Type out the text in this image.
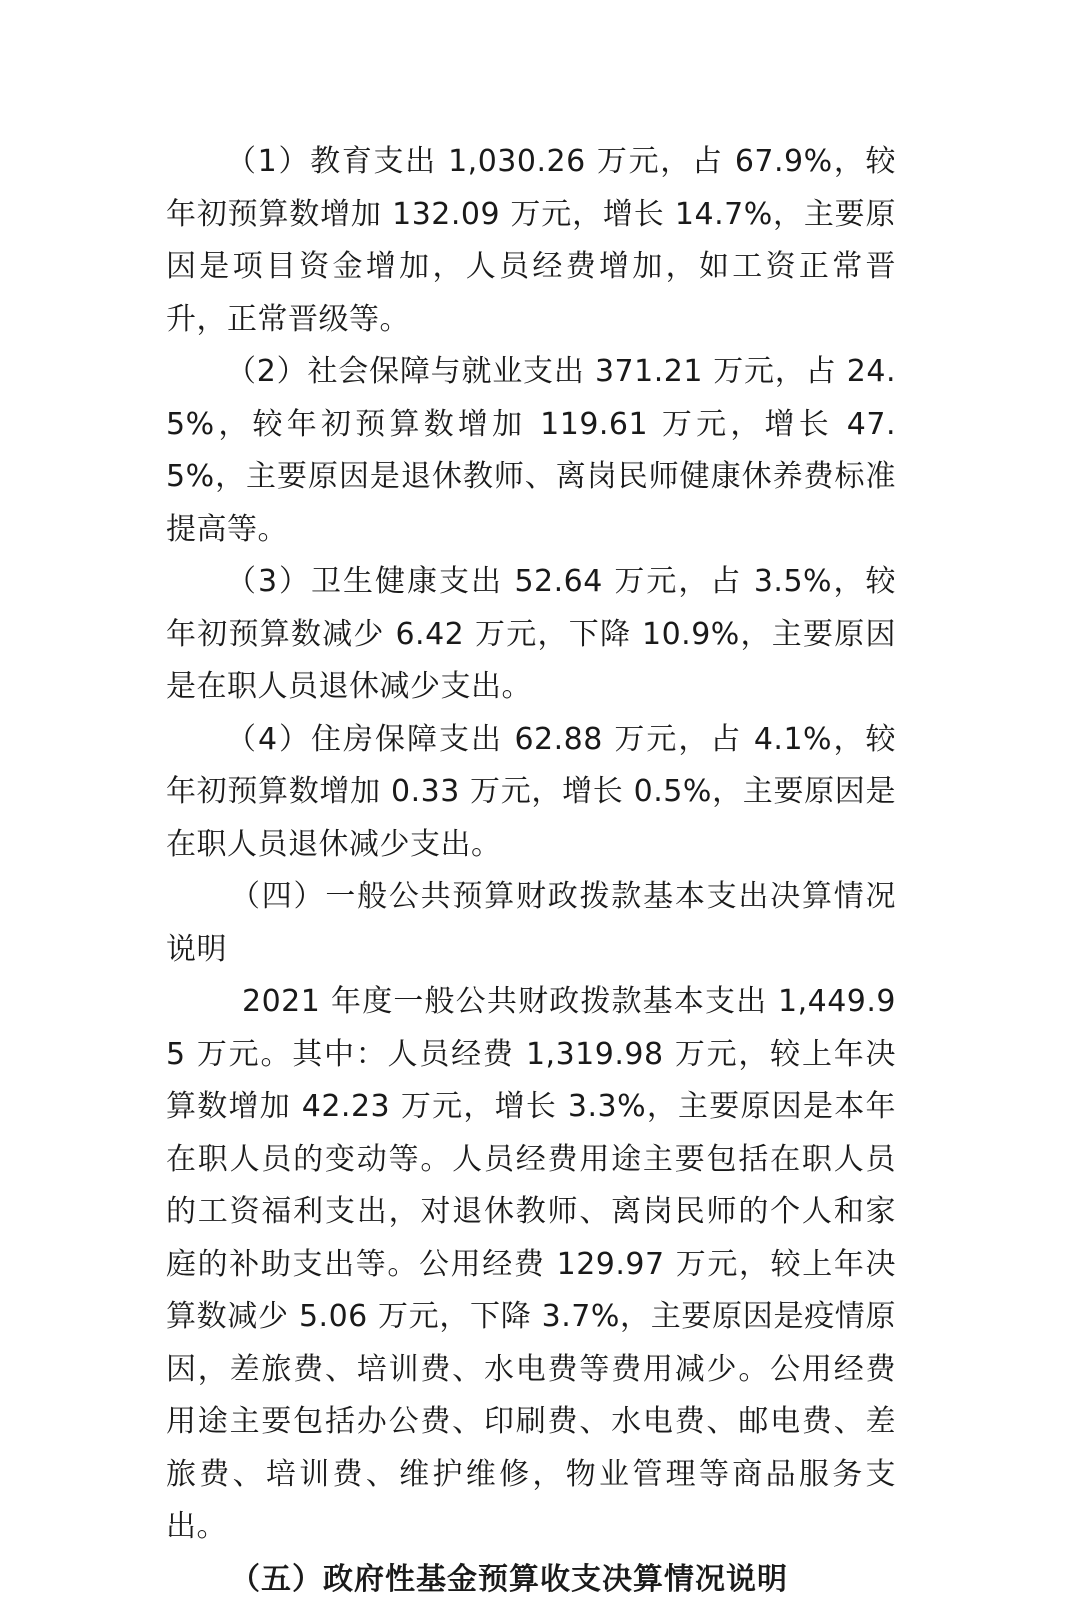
（1）教育支出 1,030.26 万元，占 67.9%，较年初预算数增加 132.09 万元，增长 14.7%，主要原因是项目资金增加，人员经费增加，如工资正常晋升，正常晋级等。

（2）社会保障与就业支出 371.21 万元，占 24.5%，较年初预算数增加 119.61 万元，增长 47.5%，主要原因是退休教师、离岗民师健康休养费标准提高等。

（3）卫生健康支出 52.64 万元，占 3.5%，较年初预算数减少 6.42 万元，下降 10.9%，主要原因是在职人员退休减少支出。

（4）住房保障支出 62.88 万元，占 4.1%，较年初预算数增加 0.33 万元，增长 0.5%，主要原因是在职人员退休减少支出。

（四）一般公共预算财政拨款基本支出决算情况说明

2021 年度一般公共财政拨款基本支出 1,449.95 万元。其中：人员经费 1,319.98 万元，较上年决算数增加 42.23 万元，增长 3.3%，主要原因是本年在职人员的变动等。人员经费用途主要包括在职人员的工资福利支出，对退休教师、离岗民师的个人和家庭的补助支出等。公用经费 129.97 万元，较上年决算数减少 5.06 万元，下降 3.7%，主要原因是疫情原因，差旅费、培训费、水电费等费用减少。公用经费用途主要包括办公费、印刷费、水电费、邮电费、差旅费、培训费、维护维修，物业管理等商品服务支出。

（五）政府性基金预算收支决算情况说明
